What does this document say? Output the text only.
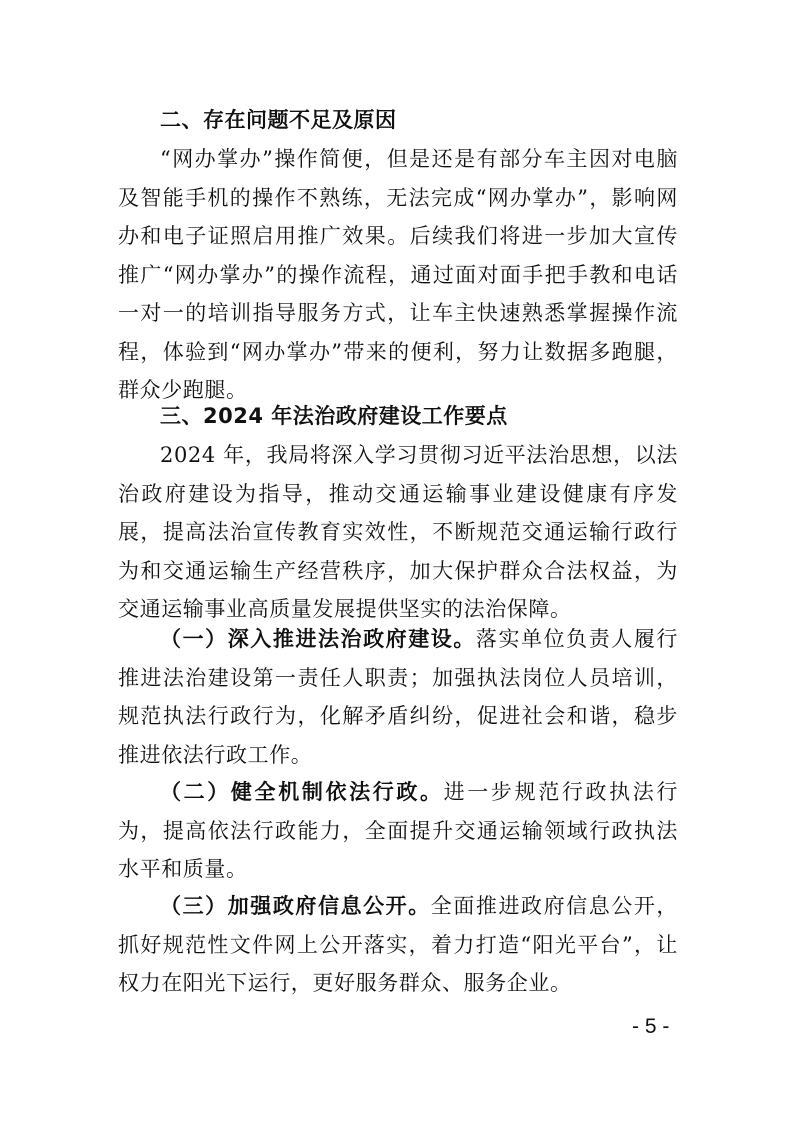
二、存在问题不足及原因
“网办掌办”操作简便，但是还是有部分车主因对电脑及智能手机的操作不熟练，无法完成“网办掌办”，影响网办和电子证照启用推广效果。后续我们将进一步加大宣传推广“网办掌办”的操作流程，通过面对面手把手教和电话一对一的培训指导服务方式，让车主快速熟悉掌握操作流程，体验到“网办掌办”带来的便利，努力让数据多跑腿，群众少跑腿。
三、2024 年法治政府建设工作要点
2024 年，我局将深入学习贯彻习近平法治思想，以法治政府建设为指导，推动交通运输事业建设健康有序发展，提高法治宣传教育实效性，不断规范交通运输行政行为和交通运输生产经营秩序，加大保护群众合法权益，为交通运输事业高质量发展提供坚实的法治保障。
（一）深入推进法治政府建设。落实单位负责人履行推进法治建设第一责任人职责；加强执法岗位人员培训，规范执法行政行为，化解矛盾纠纷，促进社会和谐，稳步推进依法行政工作。
（二）健全机制依法行政。进一步规范行政执法行为，提高依法行政能力，全面提升交通运输领域行政执法水平和质量。
（三）加强政府信息公开。全面推进政府信息公开，抓好规范性文件网上公开落实，着力打造“阳光平台”，让权力在阳光下运行，更好服务群众、服务企业。
- 5 -
